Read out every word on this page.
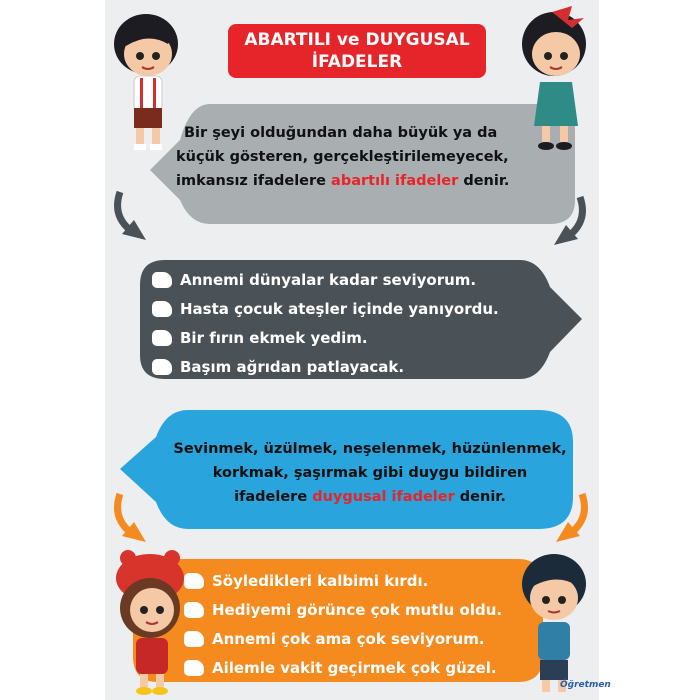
ABARTILI ve DUYGUSAL
İFADELER
Bir şeyi olduğundan daha büyük ya da
küçük gösteren, gerçekleştirilemeyecek,
imkansız ifadelere abartılı ifadeler denir.
Annemi dünyalar kadar seviyorum.
Hasta çocuk ateşler içinde yanıyordu.
Bir fırın ekmek yedim.
Başım ağrıdan patlayacak.
Sevinmek, üzülmek, neşelenmek, hüzünlenmek,
korkmak, şaşırmak gibi duygu bildiren
ifadelere duygusal ifadeler denir.
Söyledikleri kalbimi kırdı.
Hediyemi görünce çok mutlu oldu.
Annemi çok ama çok seviyorum.
Ailemle vakit geçirmek çok güzel.
Öğretmen
